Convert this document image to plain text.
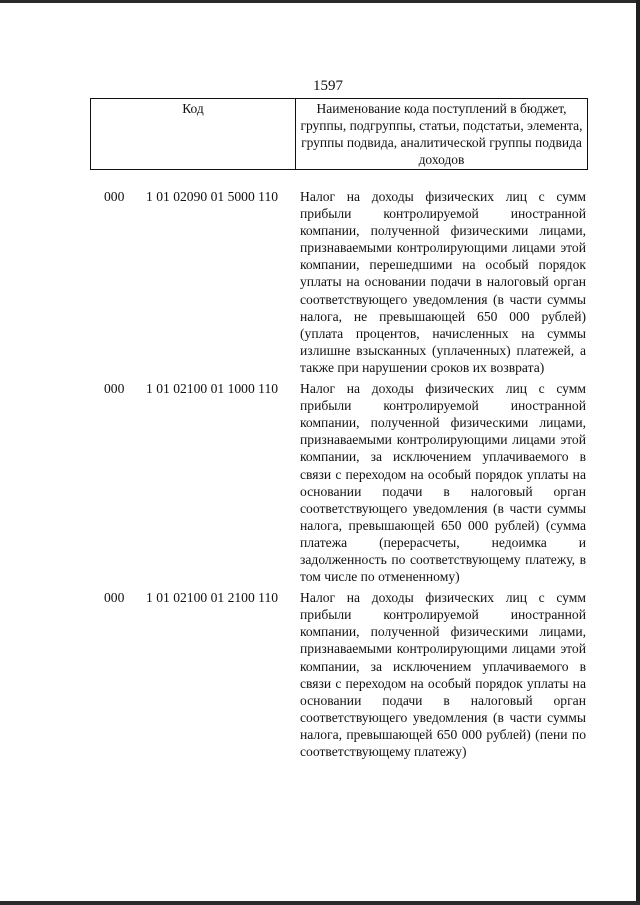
1597
Код	Наименование кода поступлений в бюджет, группы, подгруппы, статьи, подстатьи, элемента, группы подвида, аналитической группы подвида доходов
000	1 01 02090 01 5000 110	Налог на доходы физических лиц с сумм прибыли контролируемой иностранной компании, полученной физическими лицами, признаваемыми контролирующими лицами этой компании, перешедшими на особый порядок уплаты на основании подачи в налоговый орган соответствующего уведомления (в части суммы налога, не превышающей 650 000 рублей) (уплата процентов, начисленных на суммы излишне взысканных (уплаченных) платежей, а также при нарушении сроков их возврата)
000	1 01 02100 01 1000 110	Налог на доходы физических лиц с сумм прибыли контролируемой иностранной компании, полученной физическими лицами, признаваемыми контролирующими лицами этой компании, за исключением уплачиваемого в связи с переходом на особый порядок уплаты на основании подачи в налоговый орган соответствующего уведомления (в части суммы налога, превышающей 650 000 рублей) (сумма платежа (перерасчеты, недоимка и задолженность по соответствующему платежу, в том числе по отмененному)
000	1 01 02100 01 2100 110	Налог на доходы физических лиц с сумм прибыли контролируемой иностранной компании, полученной физическими лицами, признаваемыми контролирующими лицами этой компании, за исключением уплачиваемого в связи с переходом на особый порядок уплаты на основании подачи в налоговый орган соответствующего уведомления (в части суммы налога, превышающей 650 000 рублей) (пени по соответствующему платежу)
